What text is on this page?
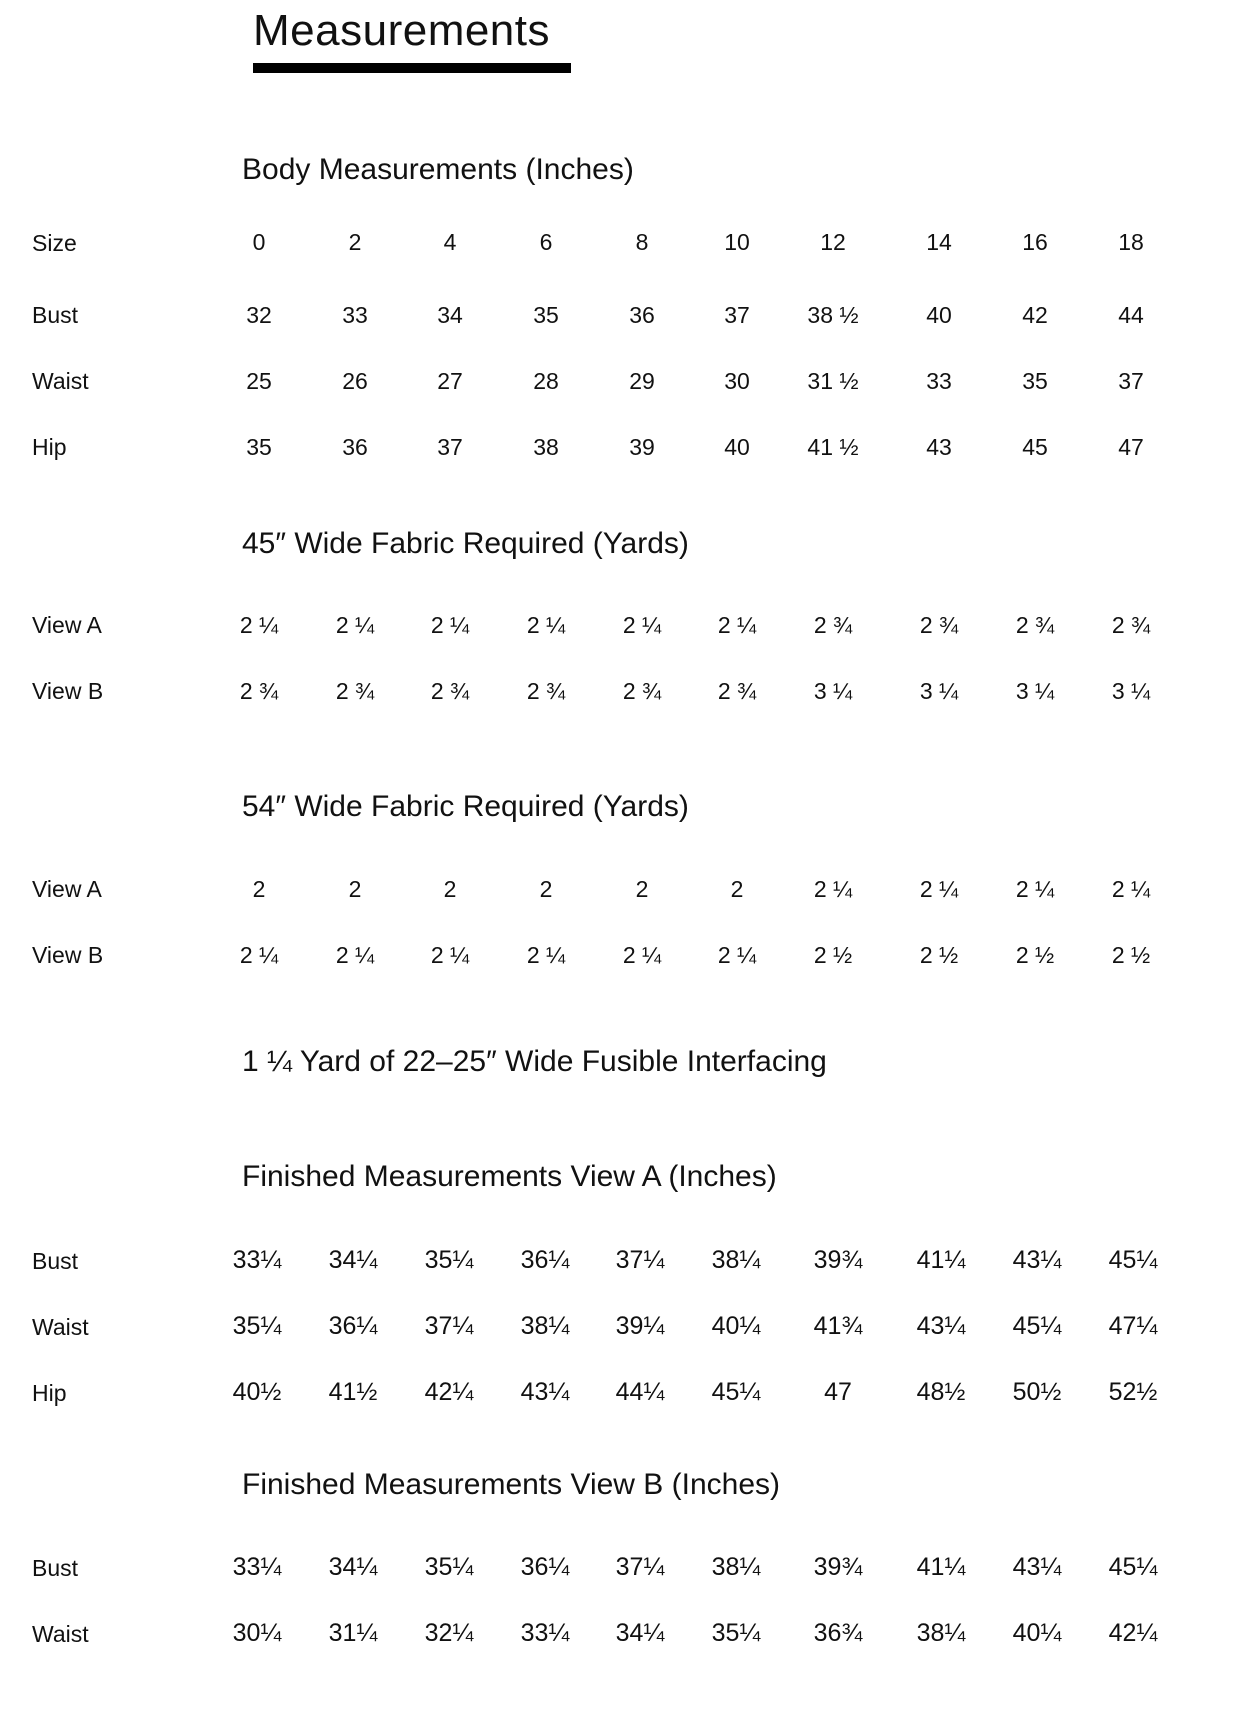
Measurements
Body Measurements (Inches)
45″ Wide Fabric Required (Yards)
54″ Wide Fabric Required (Yards)
1 ¼ Yard of 22–25″ Wide Fusible Interfacing
Finished Measurements View A (Inches)
Finished Measurements View B (Inches)
Size	0	2	4	6	8	10	12	14	16	18
Bust	32	33	34	35	36	37	38 ½	40	42	44
Waist	25	26	27	28	29	30	31 ½	33	35	37
Hip	35	36	37	38	39	40	41 ½	43	45	47
View A	2 ¼	2 ¼	2 ¼	2 ¼	2 ¼	2 ¼	2 ¾	2 ¾	2 ¾	2 ¾
View B	2 ¾	2 ¾	2 ¾	2 ¾	2 ¾	2 ¾	3 ¼	3 ¼	3 ¼	3 ¼
View A	2	2	2	2	2	2	2 ¼	2 ¼	2 ¼	2 ¼
View B	2 ¼	2 ¼	2 ¼	2 ¼	2 ¼	2 ¼	2 ½	2 ½	2 ½	2 ½
Bust	33¼	34¼	35¼	36¼	37¼	38¼	39¾	41¼	43¼	45¼
Waist	35¼	36¼	37¼	38¼	39¼	40¼	41¾	43¼	45¼	47¼
Hip	40½	41½	42¼	43¼	44¼	45¼	47	48½	50½	52½
Bust	33¼	34¼	35¼	36¼	37¼	38¼	39¾	41¼	43¼	45¼
Waist	30¼	31¼	32¼	33¼	34¼	35¼	36¾	38¼	40¼	42¼
